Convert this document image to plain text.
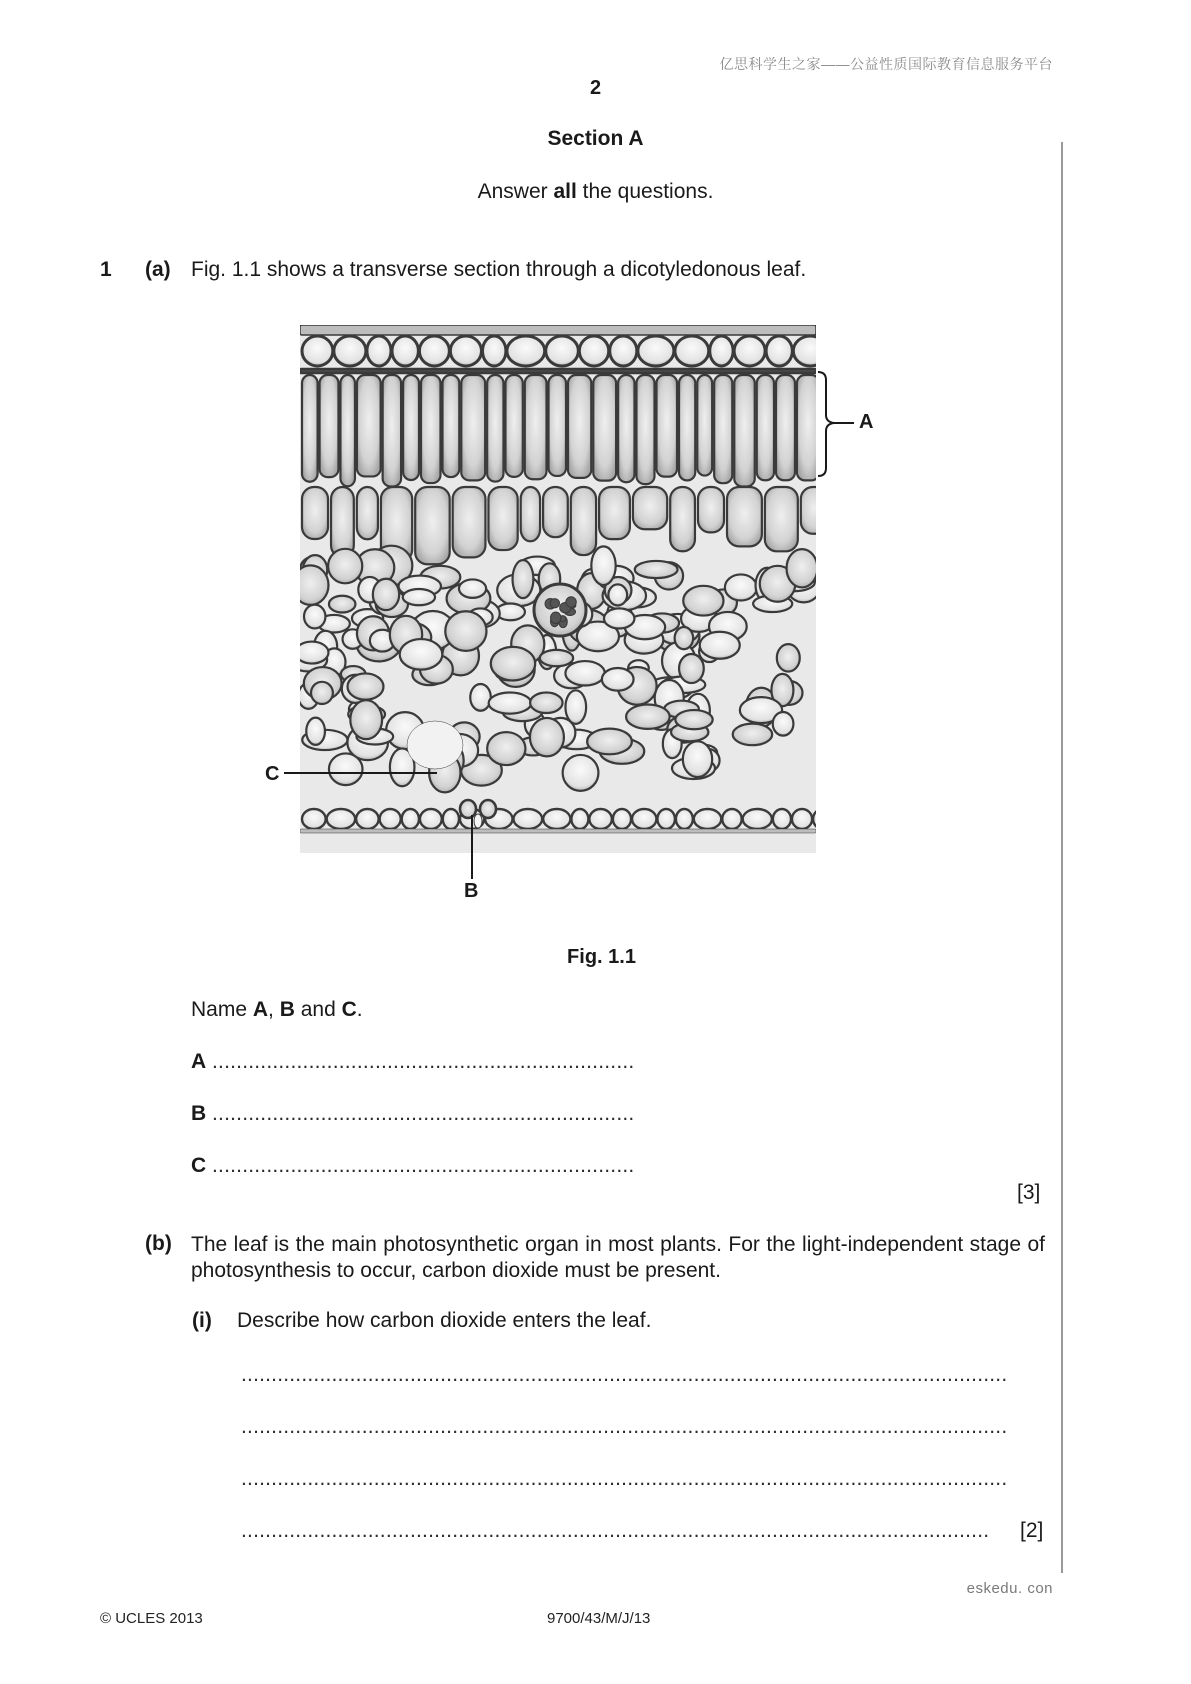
亿思科学生之家——公益性质国际教育信息服务平台
2
Section A
Answer all the questions.
1 (a) Fig. 1.1 shows a transverse section through a dicotyledonous leaf.
A
C
B
Fig. 1.1
Name A, B and C.
A ......................................................................
B ......................................................................
C ......................................................................
[3]
(b) The leaf is the main photosynthetic organ in most plants. For the light-independent stage of photosynthesis to occur, carbon dioxide must be present.
(i) Describe how carbon dioxide enters the leaf.
...............................................................................................................................
...............................................................................................................................
...............................................................................................................................
............................................................................................................................ [2]
eskedu. con
© UCLES 2013	9700/43/M/J/13
